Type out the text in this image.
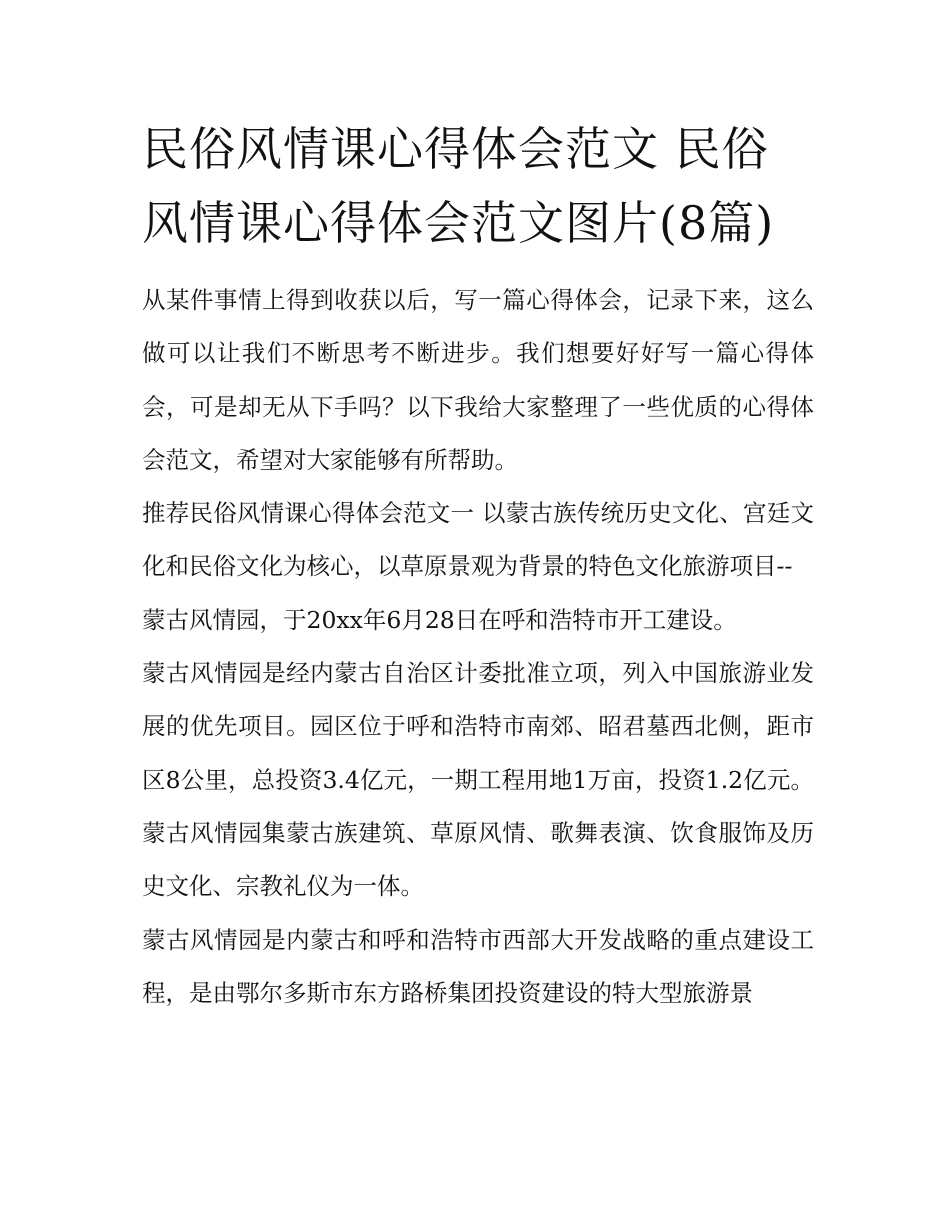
民俗风情课心得体会范文 民俗风情课心得体会范文图片(8篇)

从某件事情上得到收获以后，写一篇心得体会，记录下来，这么做可以让我们不断思考不断进步。我们想要好好写一篇心得体会，可是却无从下手吗？以下我给大家整理了一些优质的心得体会范文，希望对大家能够有所帮助。

推荐民俗风情课心得体会范文一 以蒙古族传统历史文化、宫廷文化和民俗文化为核心，以草原景观为背景的特色文化旅游项目--

蒙古风情园，于20xx年6月28日在呼和浩特市开工建设。

蒙古风情园是经内蒙古自治区计委批准立项，列入中国旅游业发展的优先项目。园区位于呼和浩特市南郊、昭君墓西北侧，距市区8公里，总投资3.4亿元，一期工程用地1万亩，投资1.2亿元。蒙古风情园集蒙古族建筑、草原风情、歌舞表演、饮食服饰及历史文化、宗教礼仪为一体。

蒙古风情园是内蒙古和呼和浩特市西部大开发战略的重点建设工程，是由鄂尔多斯市东方路桥集团投资建设的特大型旅游景
